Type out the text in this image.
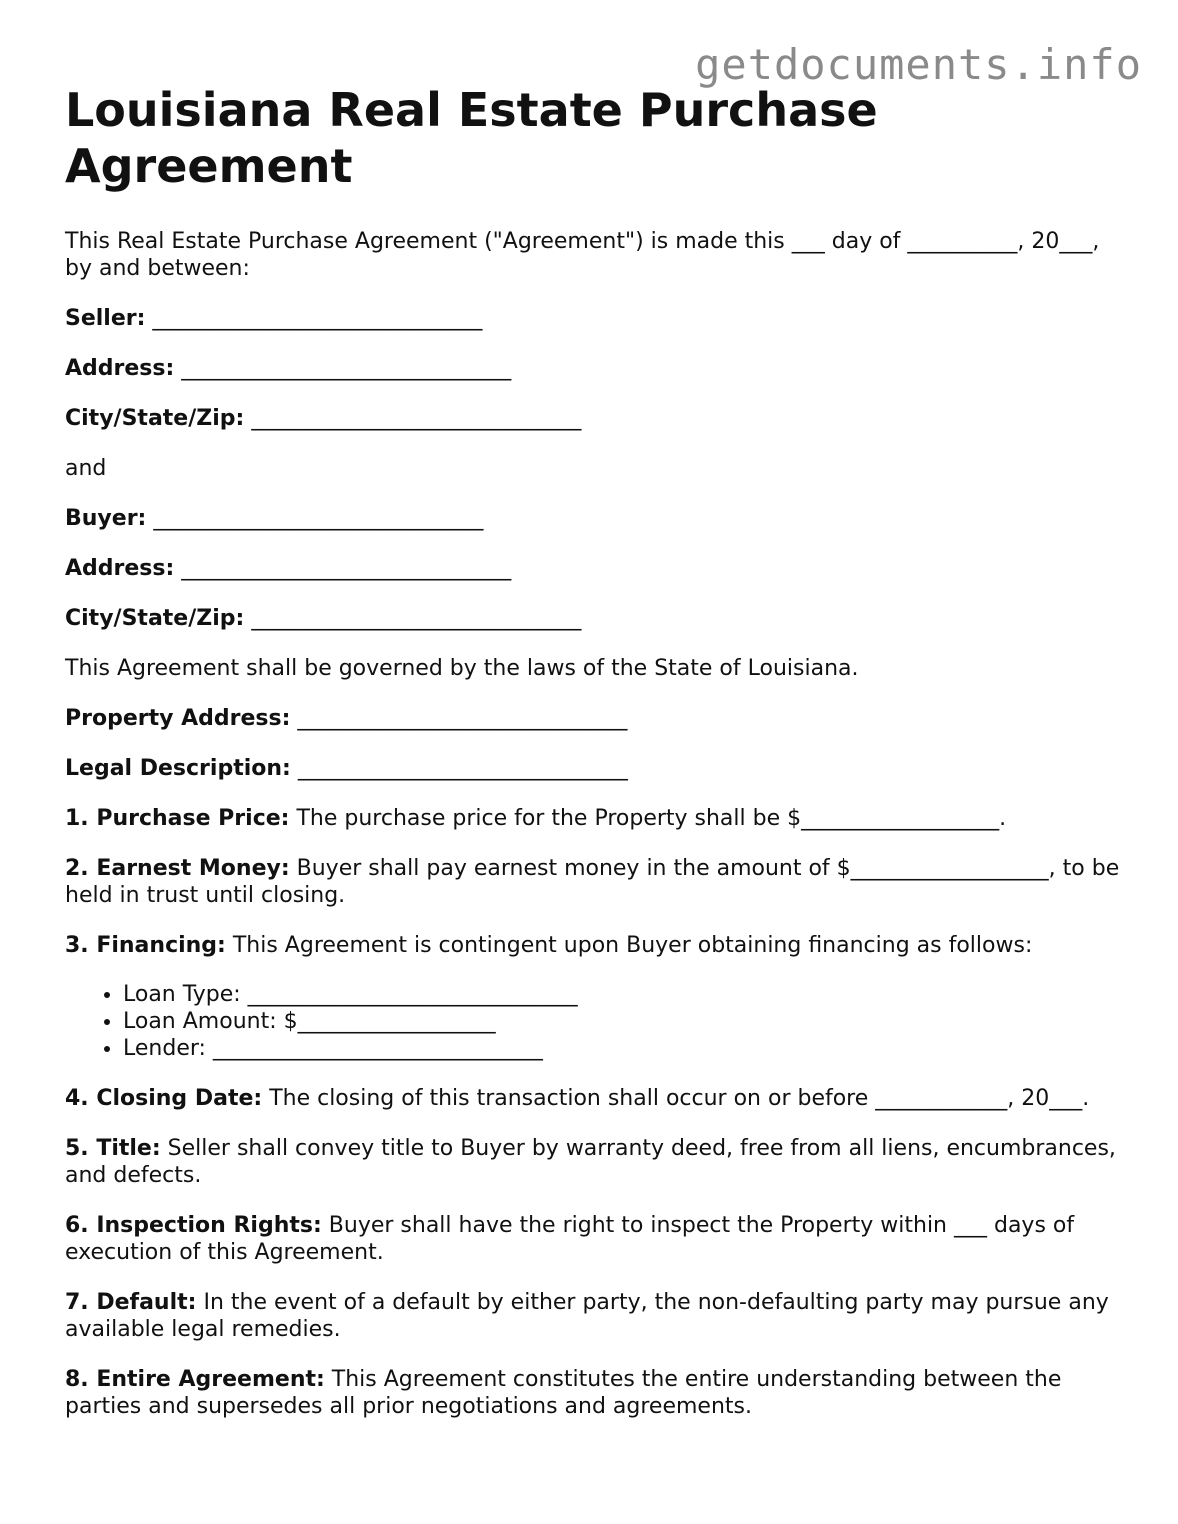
getdocuments.info
Louisiana Real Estate Purchase Agreement

This Real Estate Purchase Agreement ("Agreement") is made this ___ day of __________, 20___, by and between:

Seller: ______________________________

Address: ______________________________

City/State/Zip: ______________________________

and

Buyer: ______________________________

Address: ______________________________

City/State/Zip: ______________________________

This Agreement shall be governed by the laws of the State of Louisiana.

Property Address: ______________________________

Legal Description: ______________________________

1. Purchase Price: The purchase price for the Property shall be $__________________.

2. Earnest Money: Buyer shall pay earnest money in the amount of $__________________, to be held in trust until closing.

3. Financing: This Agreement is contingent upon Buyer obtaining financing as follows:

• Loan Type: ______________________________
• Loan Amount: $__________________
• Lender: ______________________________

4. Closing Date: The closing of this transaction shall occur on or before ____________, 20___.

5. Title: Seller shall convey title to Buyer by warranty deed, free from all liens, encumbrances, and defects.

6. Inspection Rights: Buyer shall have the right to inspect the Property within ___ days of execution of this Agreement.

7. Default: In the event of a default by either party, the non-defaulting party may pursue any available legal remedies.

8. Entire Agreement: This Agreement constitutes the entire understanding between the parties and supersedes all prior negotiations and agreements.
